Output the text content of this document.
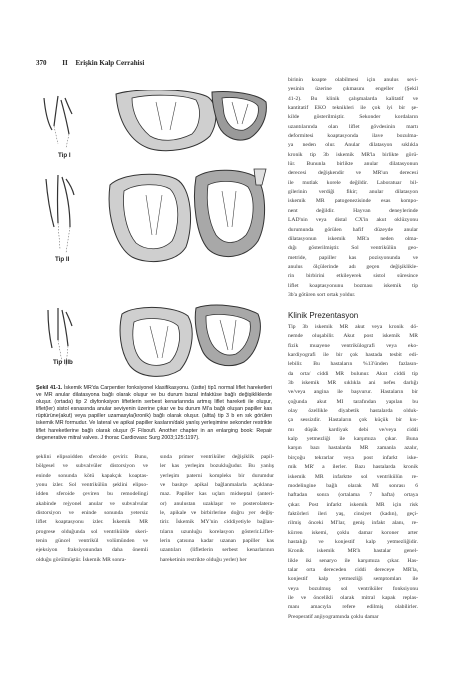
370 II Erişkin Kalp Cerrahisi
Tip I
Tip II
Tip IIIb
Şekil 41-1. İskemik MR'da Carpentier fonksiyonel klasifikasyonu. (üstte) tip1 normal liflet hareketleri ve MR anular dilatasyona bağlı olarak oluşur ve bu durum bazal infaktüse bağlı değişikliklerde oluşur. (ortada) tip 2 diyfonksiyon liftetlerin serbest kenarlarında artmış liflet hareketi ile oluşur, liflet(ler) sistol esnasında anular seviyenin üzerine çıkar ve bu durum MI'a bağlı oluşan papiller kas rüptürüne(akut) veya papiller uzamasyla(kronik) bağlı olarak oluşur. (altta) tip 3 b en sık görülen iskemik MR formudur. Ve lateral ve apikal papiller kasların/daki yanlış yerleşimine sekonder restrikte liflet hareketlerine bağlı olarak oluşur (F Filsoufi. Another chapter in an enlarging book: Repair degenerative mitral valves. J thorac Cardiovasc Surg 2003;125:1197).
birinin koapte olabilmesi için anulus sevi-
yesinin üzerine çıkmasını engeller (Şekil
41-2). Bu klinik çalışmalarda kalitatif ve
kantitatif EKO teknikleri ile çok iyi bir şe-
kilde gösterilmiştir. Sekonder kordaların
uzantılarında olan liflet gövdesinin martı
deformitesi koaptasyonda ilave bozulma-
ya neden olur. Anular dilatasyon sıklıkla
kronik tip 3b iskemik MR'la birlikte görü-
lür. Bununla birlikte anular dilatasyonun
derecesi değişkendir ve MR'un derecesi
ile mutlak korele değildir. Laboratuar bil-
gilerinin verdiği fikir; anular dilatasyon
iskemik MR patogenezisinde esas kompo-
nent değildir. Hayvan deneylerinde
LAD'nin veya distal CX'in akut oklüzyonu
durumunda görülen hafif düzeyde anular
dilatasyonun iskemik MR'a neden olma-
dığı gösterilmiştir. Sol ventrikülün geo-
metride, papiller kas pozisyonunda ve
anulus ölçülerinde adı geçen değişiklikle-
rin birbirini etkileyerek sistol süresince
liflet koaptasyonunu bozması iskemik tip
3b'a götüren sort ortak yoldur.
Klinik Prezentasyon
Tip 3b iskemik MR akut veya kronik dö-
nemde oluşabilir. Akut post iskemik MR
fizik muayene ventrikülografi veya eko-
kardiyografi ile bir çok hastada tesbit edi-
lebilir. Bu hastaların %13'ünden fazlasın-
da orta/ ciddi MR bulunur. Akut ciddi tip
3b iskemik MR sıklıkla ani nefes darlığı
ve/veya angina ile başvurur. Hastaların bir
çoğunda akut MI tarafından yapılan bu
olay özellikle diyabetik hastalarda olduk-
ça sessizdir. Hastaların çok küçük bir kıs-
mı düşük kardiyak debi ve/veya ciddi
kalp yetmezliği ile karşımıza çıkar. Buna
karşın bazı hastalarda MR zamanla azalır,
birçoğu tekrarlar veya post infarkt iske-
mik MR' a ilerler. Bazı hastalarda kronik
iskemik MR infarktte sol ventrikülün re-
modelingine bağlı olarak MI sonrası 6
haftadan sonra (ortalama 7 hafta) ortaya
çıkar. Post infarkt iskemik MR için risk
faktörleri ileri yaş, cinsiyet (kadın), geçi-
rilmiş önceki MI'lar, geniş infakt alanı, re-
kürren iskemi, çoklu damar koroner arter
hastalığı ve konjestif kalp yetmezliğidir.
Kronik iskemik MR'lı hastalar genel-
likle iki senaryo ile karşımıza çıkar. Has-
talar orta dereceden ciddi dereceye MR'la,
konjestif kalp yetmezliği semptomları ile
veya bozulmuş sol ventriküler fonksiyonu
ile ve öncelikli olarak mitral kapak replas-
manı amacıyla refere edilmiş olabilirler.
Preoperatif anjiyogramında çoklu damar
şeklini elipsoidden sferoide çevirir. Bunu,
bölgesel ve subvalvüler distorsiyon ve
eninde sonunda kötü kapakçık koaptas-
yonu izler. Sol ventrikülün şeklini elipso-
idden sferoide çeviren bu remodelingi
akabinde rejyonel anular ve subvalvular
distorsiyon ve eninde sonunda yetersiz
liflet koaptasyonu izler. İskemik MR
progrese olduğunda sol ventrikülde skeri-
tenin güncel ventrikül volümünden ve
ejeksiyon fraksiyonundan daha önemli
olduğu görülmüştür. İskemik MR sonra-
sında primer ventriküler değişiklik papil-
ler kas yerleşim bozukluğudur. Bu yanlış
yerleşim paterni kompleks bir durumdur
ve basitçe apikal bağlanmalarla açıklana-
maz. Papiller kas uçları midseptal (anteri-
or) anulustan uzaklaşır ve posterolatera-
le, apikale ve birbirlerine doğru yer değiş-
tirir. İskemik MY'nin ciddiyetiyle bağlan-
tıların uzunluğu korelasyon gösterir.Liflet-
lerin çatısına kadar uzanan papiller kas
uzantıları (lifletlerin serbest kenarlarının
hareketinin restrikte olduğu yerler) her
